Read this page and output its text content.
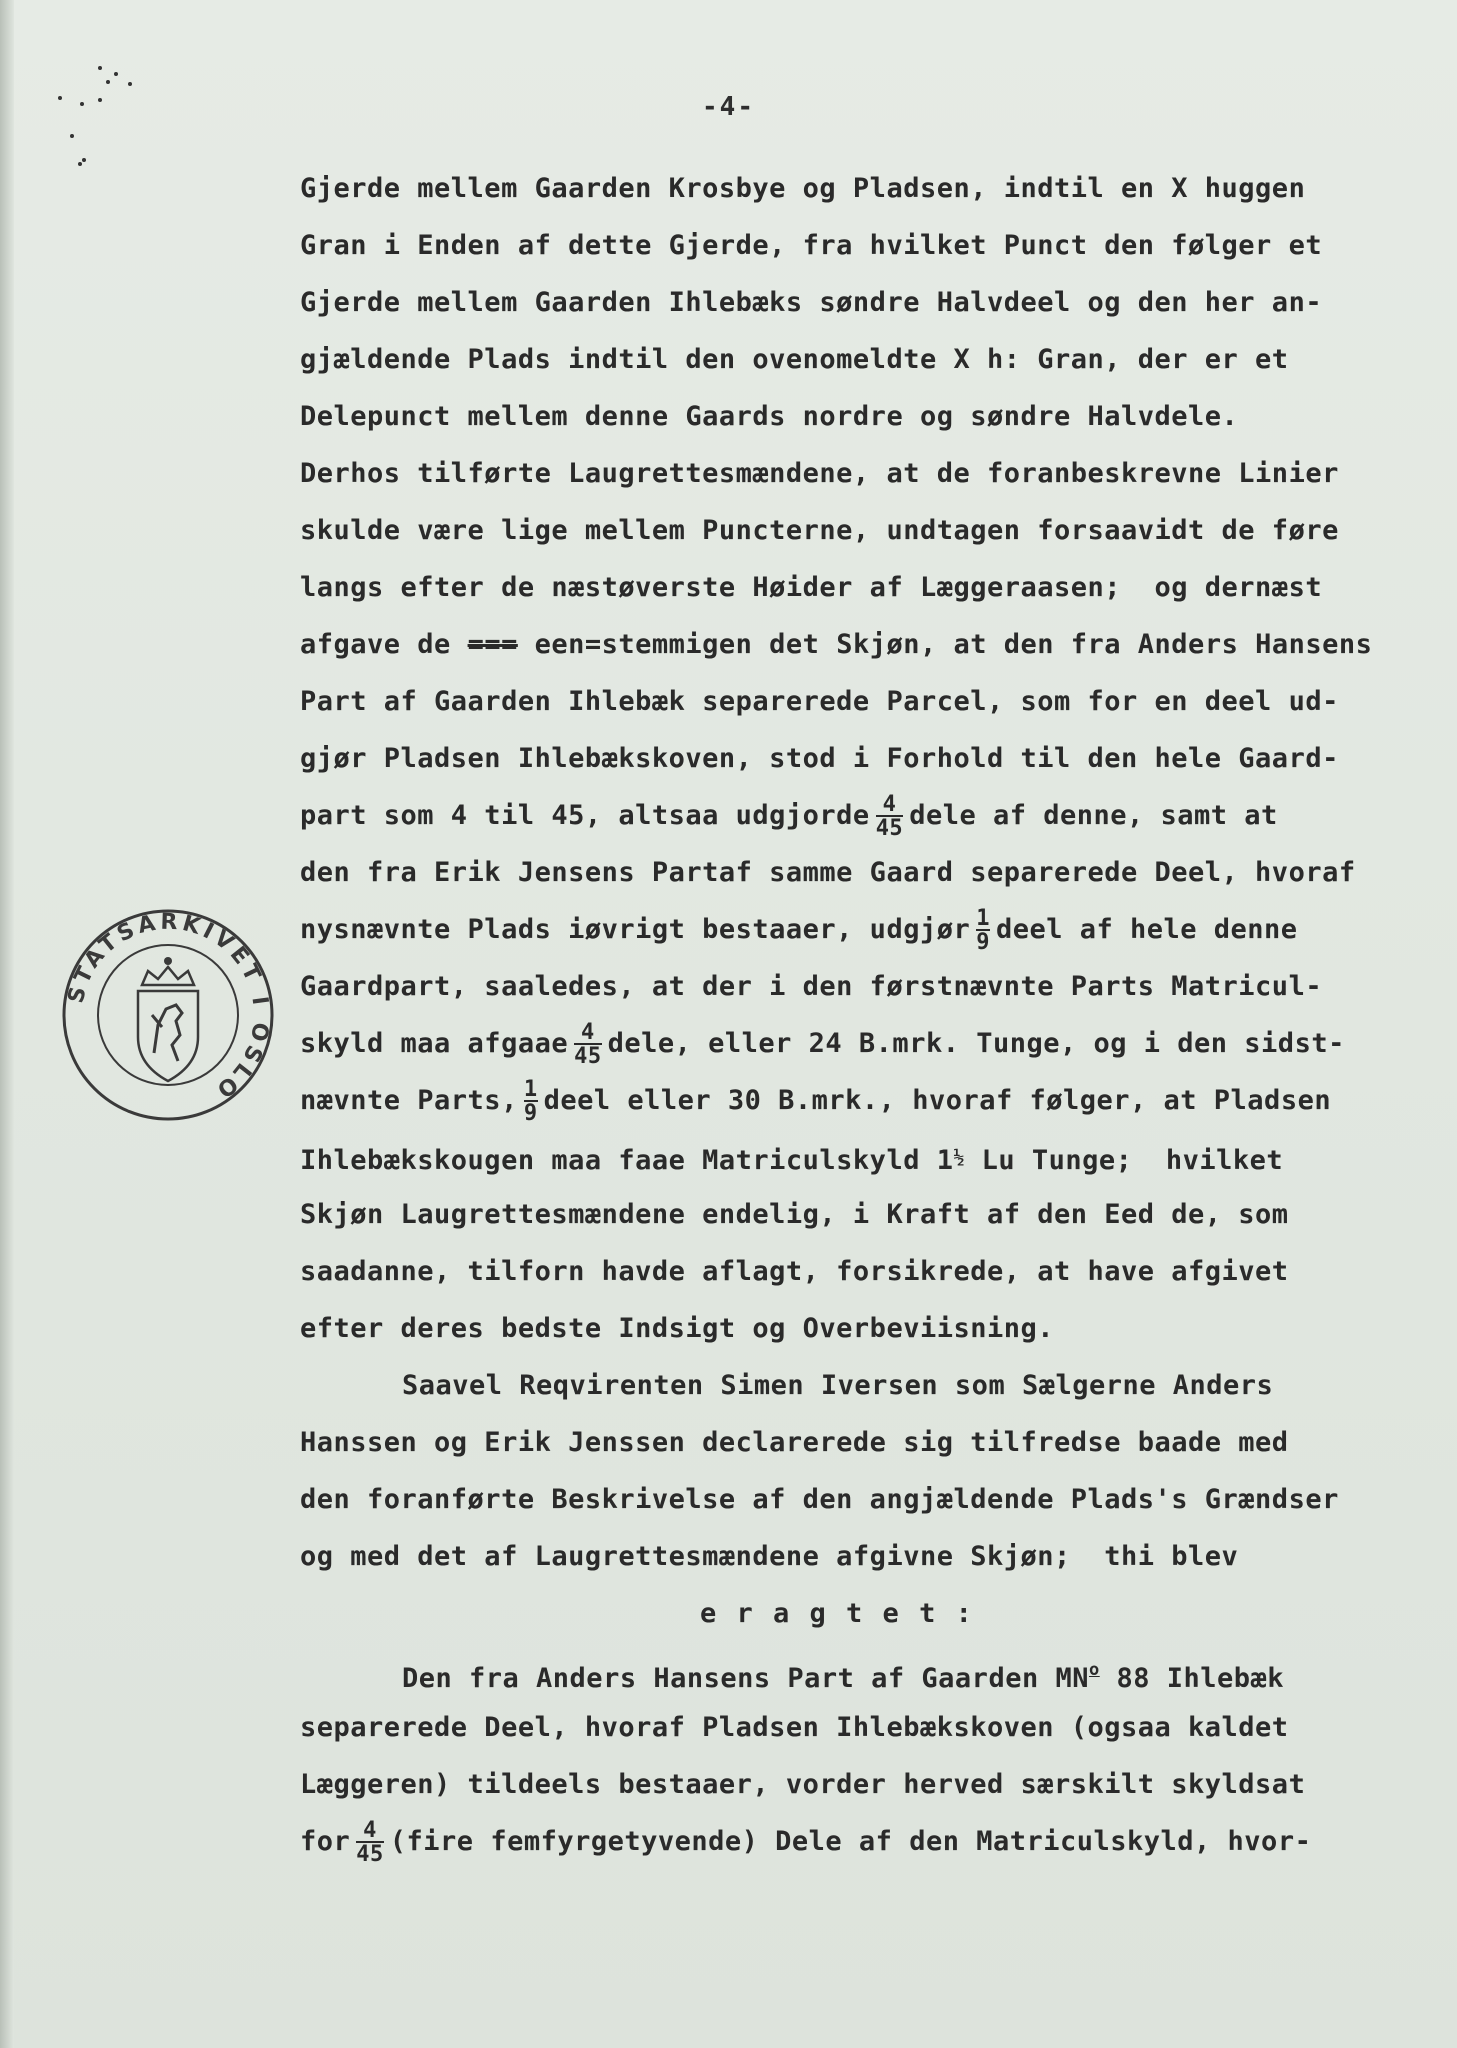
-4-
STATSARKIVET I OSLO
Gjerde mellem Gaarden Krosbye og Pladsen, indtil en X huggen
Gran i Enden af dette Gjerde, fra hvilket Punct den følger et
Gjerde mellem Gaarden Ihlebæks søndre Halvdeel og den her an-
gjældende Plads indtil den ovenomeldte X h: Gran, der er et
Delepunct mellem denne Gaards nordre og søndre Halvdele.
Derhos tilførte Laugrettesmændene, at de foranbeskrevne Linier
skulde være lige mellem Puncterne, undtagen forsaavidt de føre
langs efter de næstøverste Høider af Læggeraasen;  og dernæst
afgave de === een=stemmigen det Skjøn, at den fra Anders Hansens
Part af Gaarden Ihlebæk separerede Parcel, som for en deel ud-
gjør Pladsen Ihlebækskoven, stod i Forhold til den hele Gaard-
part som 4 til 45, altsaa udgjorde $\frac{4}{45}$ dele af denne, samt at
den fra Erik Jensens Partaf samme Gaard separerede Deel, hvoraf
nysnævnte Plads iøvrigt bestaaer, udgjør $\frac{1}{9}$ deel af hele denne
Gaardpart, saaledes, at der i den førstnævnte Parts Matricul-
skyld maa afgaae $\frac{4}{45}$ dele, eller 24 B.mrk. Tunge, og i den sidst-
nævnte Parts, $\frac{1}{9}$ deel eller 30 B.mrk., hvoraf følger, at Pladsen
Ihlebækskougen maa faae Matriculskyld $1^{\frac{1}{2}}$ Lu Tunge;  hvilket
Skjøn Laugrettesmændene endelig, i Kraft af den Eed de, som
saadanne, tilforn havde aflagt, forsikrede, at have afgivet
efter deres bedste Indsigt og Overbeviisning.
Saavel Reqvirenten Simen Iversen som Sælgerne Anders
Hanssen og Erik Jenssen declarerede sig tilfredse baade med
den foranførte Beskrivelse af den angjældende Plads's Grændser
og med det af Laugrettesmændene afgivne Skjøn;  thi blev
e r a g t e t :
Den fra Anders Hansens Part af Gaarden $MN^o$ 88 Ihlebæk
separerede Deel, hvoraf Pladsen Ihlebækskoven (ogsaa kaldet
Læggeren) tildeels bestaaer, vorder herved særskilt skyldsat
for $\frac{4}{45}$ (fire femfyrgetyvende) Dele af den Matriculskyld, hvor-
